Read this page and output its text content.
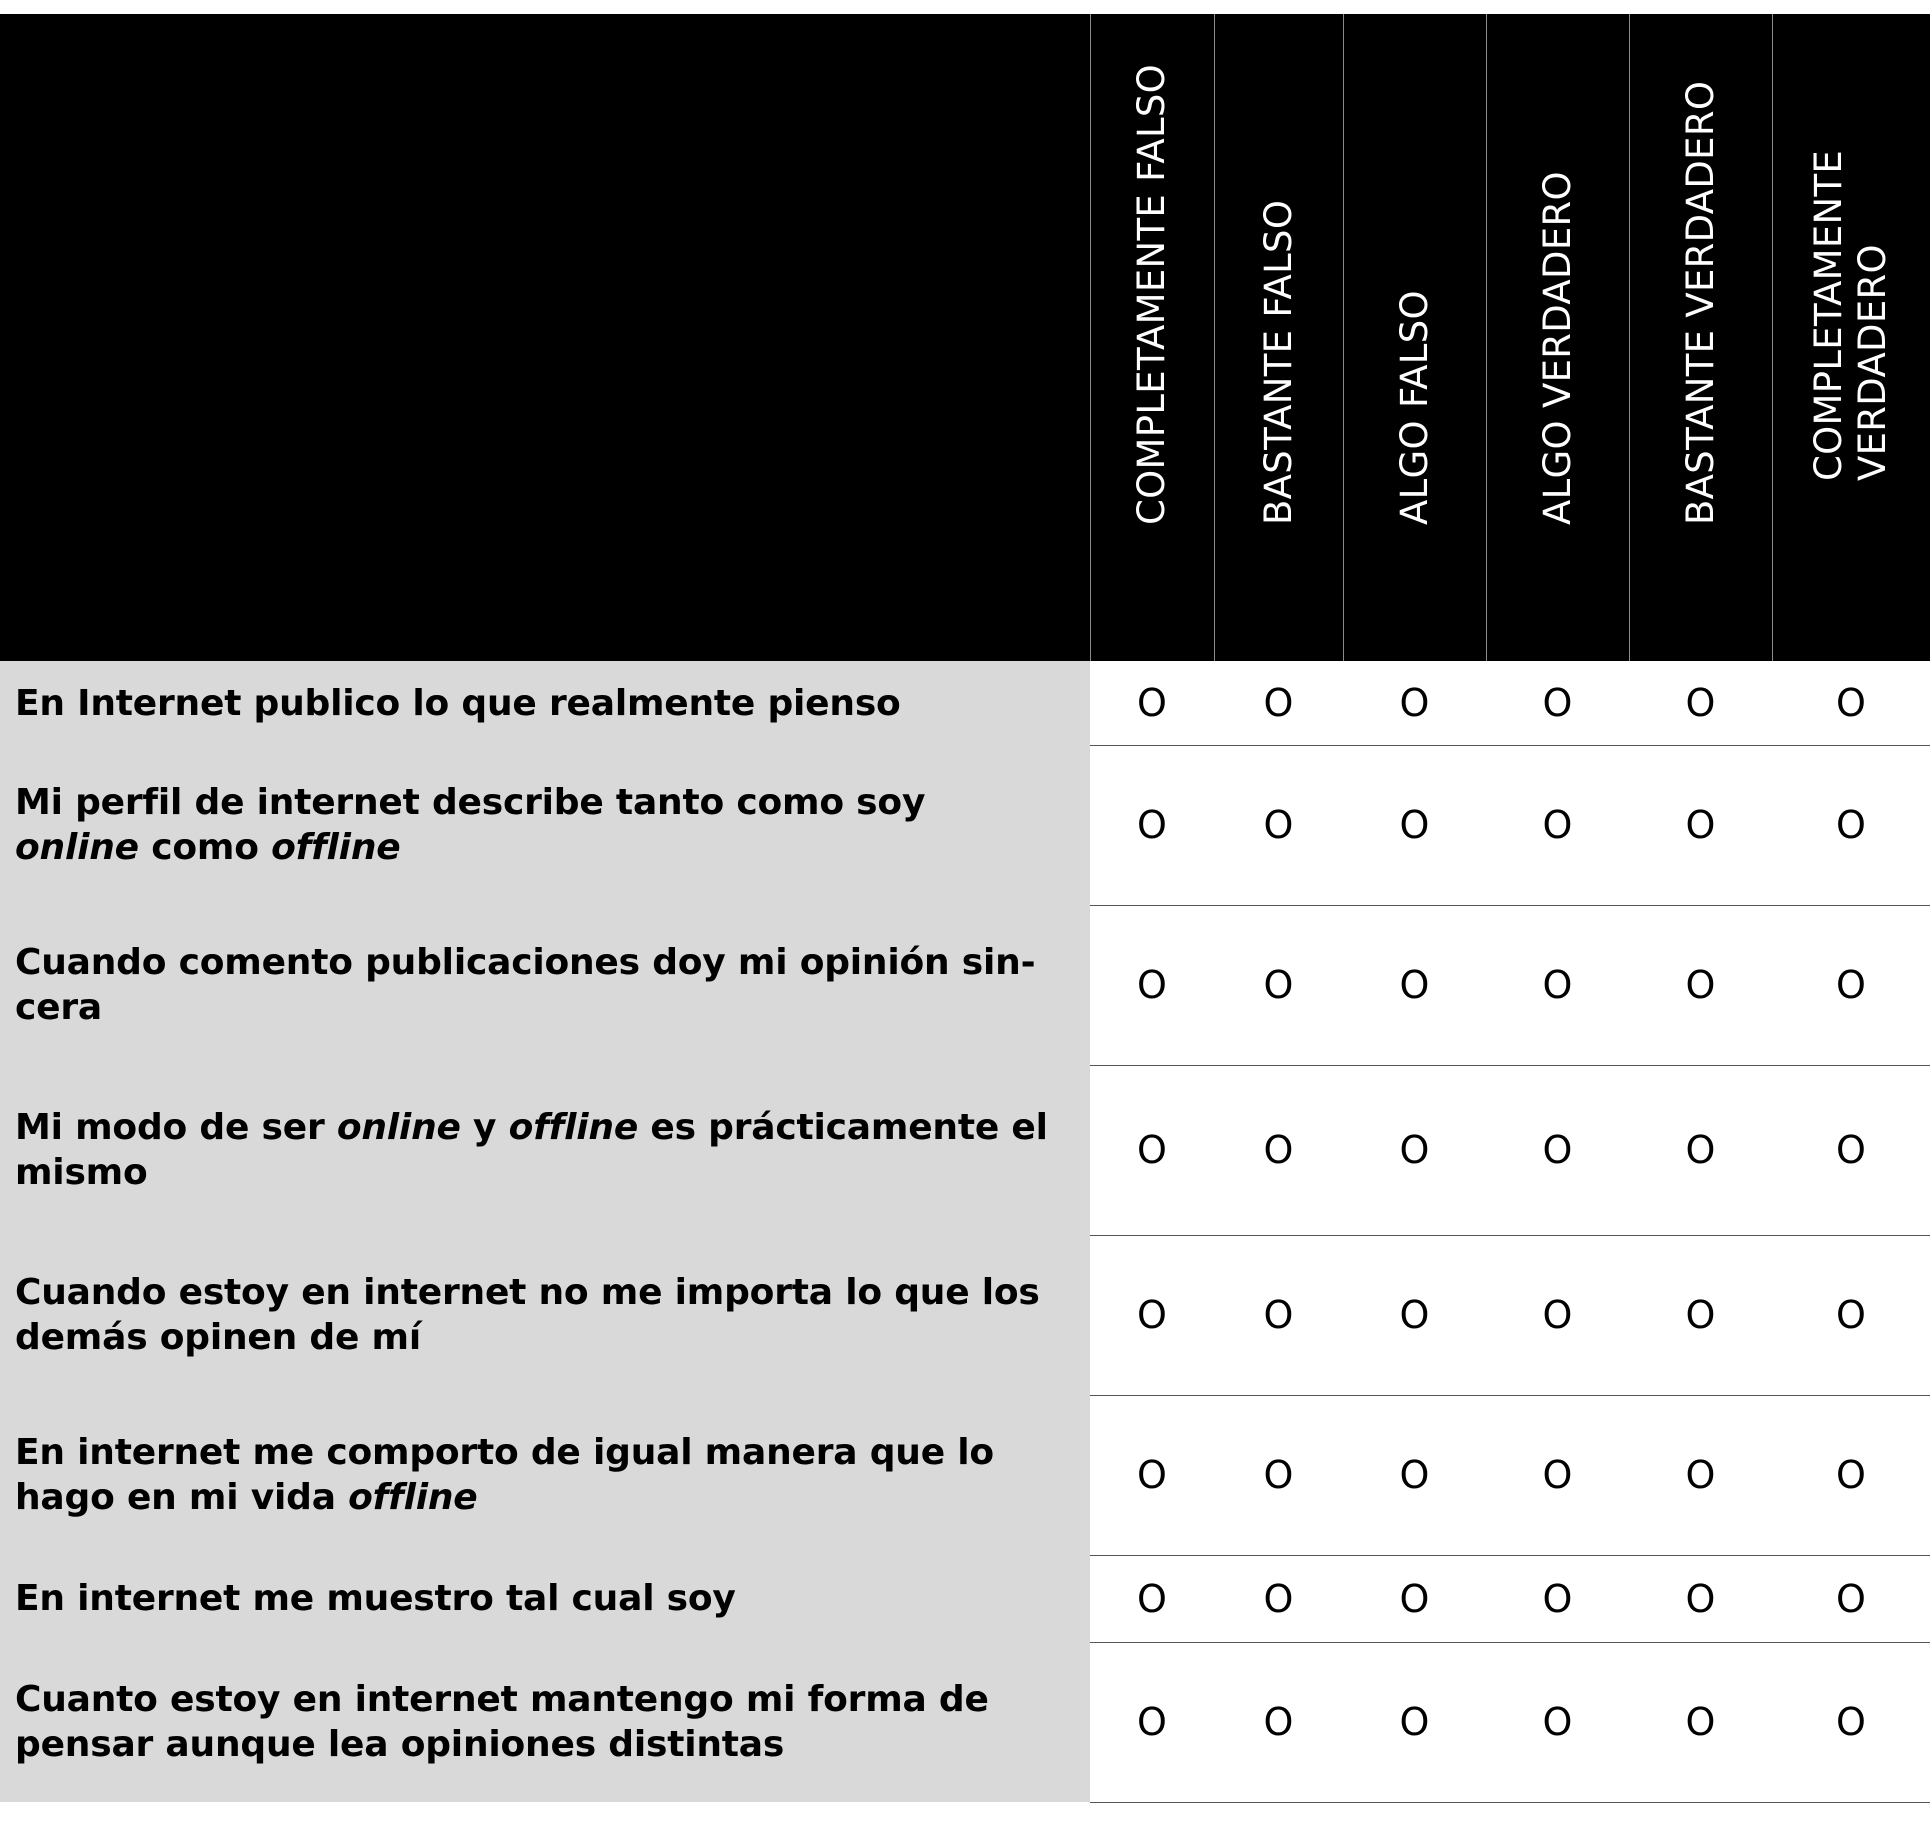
	COMPLETAMENTE FALSO	BASTANTE FALSO	ALGO FALSO	ALGO VERDADERO	BASTANTE VERDADERO	COMPLETAMENTE
VERDADERO

En Internet publico lo que realmente pienso	O	O	O	O	O	O
Mi perfil de internet describe tanto como soy online como offline	O	O	O	O	O	O
Cuando comento publicaciones doy mi opinión sin-cera	O	O	O	O	O	O
Mi modo de ser online y offline es prácticamente el mismo	O	O	O	O	O	O
Cuando estoy en internet no me importa lo que los demás opinen de mí	O	O	O	O	O	O
En internet me comporto de igual manera que lo hago en mi vida offline	O	O	O	O	O	O
En internet me muestro tal cual soy	O	O	O	O	O	O
Cuanto estoy en internet mantengo mi forma de pensar aunque lea opiniones distintas	O	O	O	O	O	O
